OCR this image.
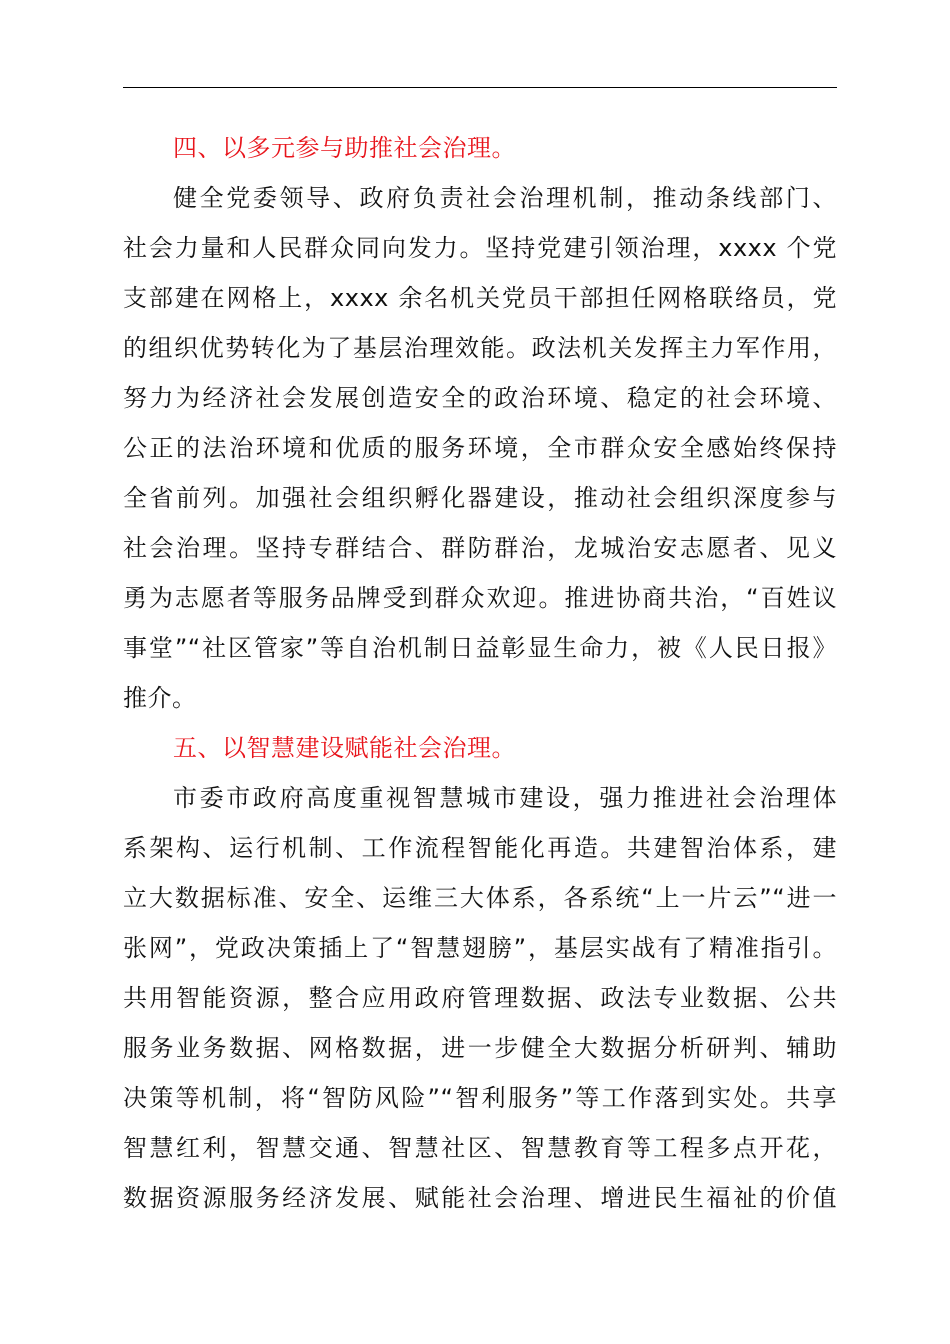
四、以多元参与助推社会治理。
健全党委领导、政府负责社会治理机制，推动条线部门、
社会力量和人民群众同向发力。坚持党建引领治理，xxxx 个党
支部建在网格上，xxxx 余名机关党员干部担任网格联络员，党
的组织优势转化为了基层治理效能。政法机关发挥主力军作用，
努力为经济社会发展创造安全的政治环境、稳定的社会环境、
公正的法治环境和优质的服务环境，全市群众安全感始终保持
全省前列。加强社会组织孵化器建设，推动社会组织深度参与
社会治理。坚持专群结合、群防群治，龙城治安志愿者、见义
勇为志愿者等服务品牌受到群众欢迎。推进协商共治，“百姓议
事堂”“社区管家”等自治机制日益彰显生命力，被《人民日报》
推介。
五、以智慧建设赋能社会治理。
市委市政府高度重视智慧城市建设，强力推进社会治理体
系架构、运行机制、工作流程智能化再造。共建智治体系，建
立大数据标准、安全、运维三大体系，各系统“上一片云”“进一
张网”，党政决策插上了“智慧翅膀”，基层实战有了精准指引。
共用智能资源，整合应用政府管理数据、政法专业数据、公共
服务业务数据、网格数据，进一步健全大数据分析研判、辅助
决策等机制，将“智防风险”“智利服务”等工作落到实处。共享
智慧红利，智慧交通、智慧社区、智慧教育等工程多点开花，
数据资源服务经济发展、赋能社会治理、增进民生福祉的价值
